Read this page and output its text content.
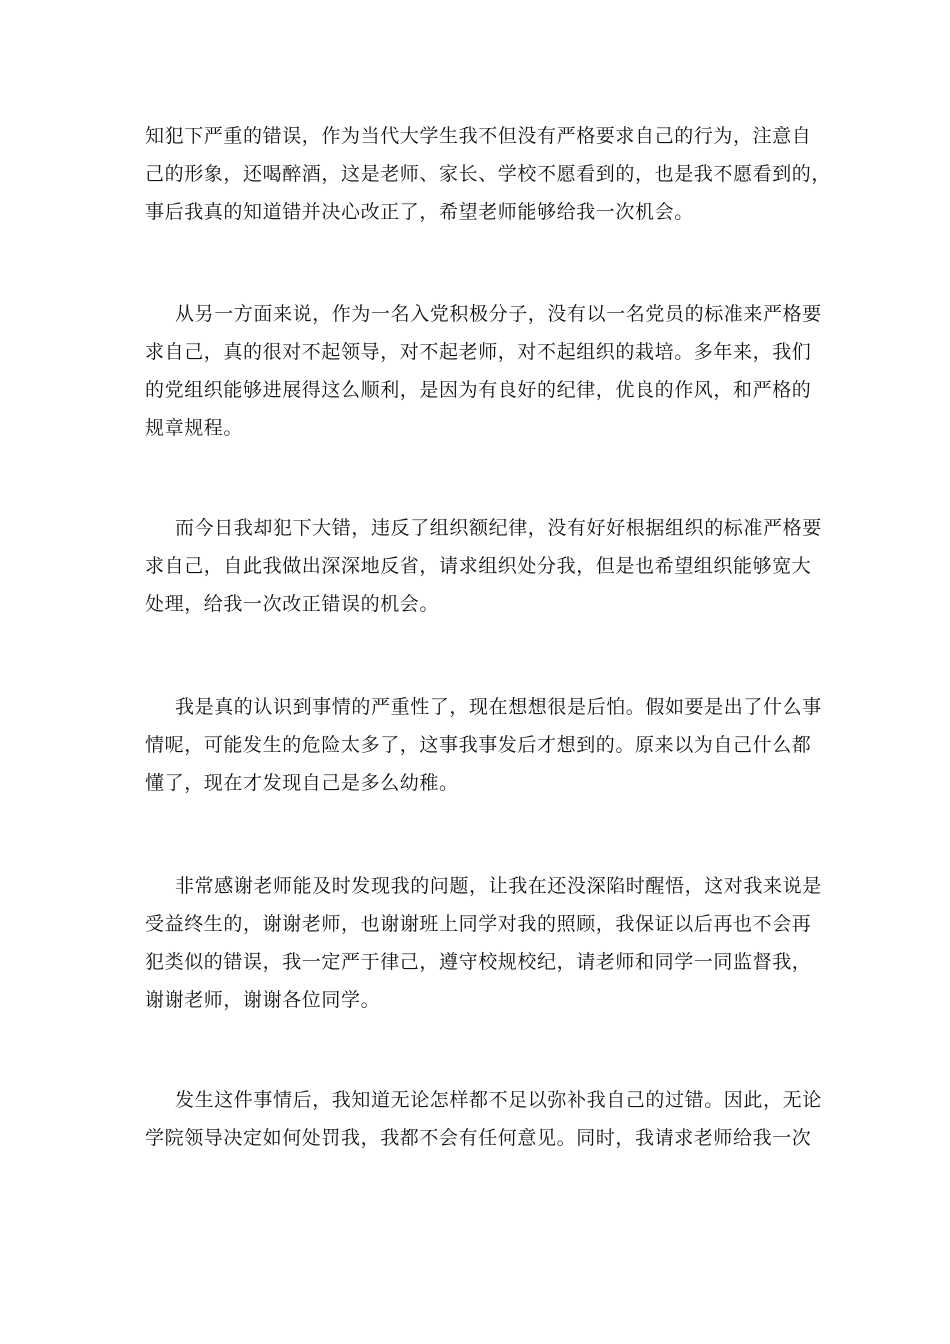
知犯下严重的错误，作为当代大学生我不但没有严格要求自己的行为，注意自
己的形象，还喝醉酒，这是老师、家长、学校不愿看到的，也是我不愿看到的，
事后我真的知道错并决心改正了，希望老师能够给我一次机会。
从另一方面来说，作为一名入党积极分子，没有以一名党员的标准来严格要
求自己，真的很对不起领导，对不起老师，对不起组织的栽培。多年来，我们
的党组织能够进展得这么顺利，是因为有良好的纪律，优良的作风，和严格的
规章规程。
而今日我却犯下大错，违反了组织额纪律，没有好好根据组织的标准严格要
求自己，自此我做出深深地反省，请求组织处分我，但是也希望组织能够宽大
处理，给我一次改正错误的机会。
我是真的认识到事情的严重性了，现在想想很是后怕。假如要是出了什么事
情呢，可能发生的危险太多了，这事我事发后才想到的。原来以为自己什么都
懂了，现在才发现自己是多么幼稚。
非常感谢老师能及时发现我的问题，让我在还没深陷时醒悟，这对我来说是
受益终生的，谢谢老师，也谢谢班上同学对我的照顾，我保证以后再也不会再
犯类似的错误，我一定严于律己，遵守校规校纪，请老师和同学一同监督我，
谢谢老师，谢谢各位同学。
发生这件事情后，我知道无论怎样都不足以弥补我自己的过错。因此，无论
学院领导决定如何处罚我，我都不会有任何意见。同时，我请求老师给我一次
